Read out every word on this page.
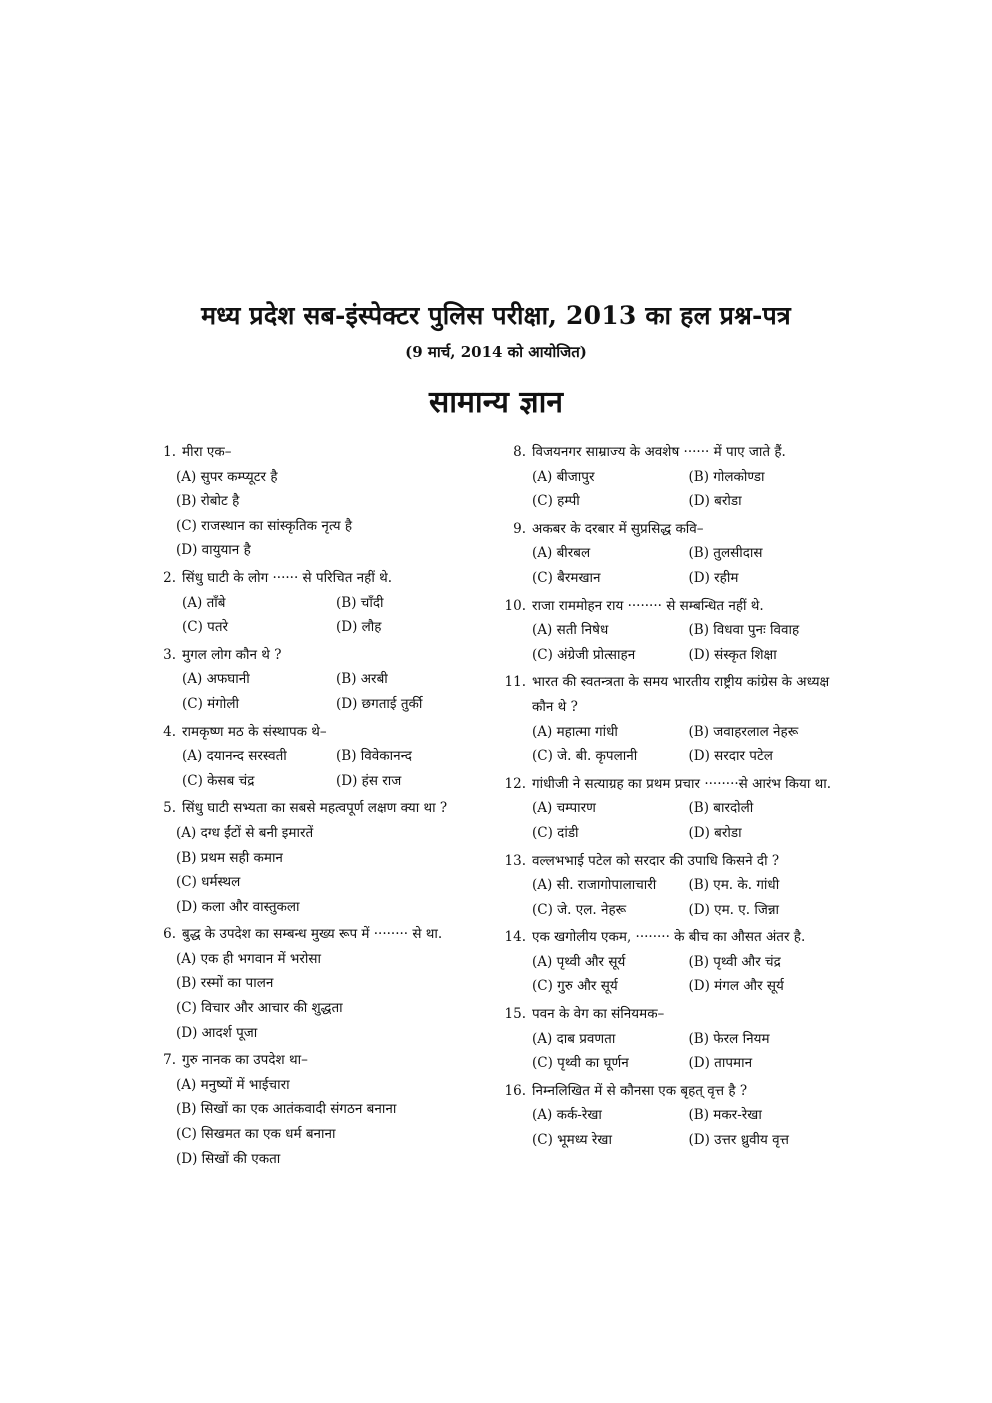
मध्य प्रदेश सब-इंस्पेक्टर पुलिस परीक्षा, 2013 का हल प्रश्न-पत्र
(9 मार्च, 2014 को आयोजित)
सामान्य ज्ञान
1. मीरा एक–
(A) सुपर कम्प्यूटर है
(B) रोबोट है
(C) राजस्थान का सांस्कृतिक नृत्य है
(D) वायुयान है
2. सिंधु घाटी के लोग ······ से परिचित नहीं थे.
(A) ताँबे	(B) चाँदी
(C) पतरे	(D) लौह
3. मुगल लोग कौन थे ?
(A) अफघानी	(B) अरबी
(C) मंगोली	(D) छगताई तुर्की
4. रामकृष्ण मठ के संस्थापक थे–
(A) दयानन्द सरस्वती	(B) विवेकानन्द
(C) केसब चंद्र	(D) हंस राज
5. सिंधु घाटी सभ्यता का सबसे महत्वपूर्ण लक्षण क्या था ?
(A) दग्ध ईंटों से बनी इमारतें
(B) प्रथम सही कमान
(C) धर्मस्थल
(D) कला और वास्तुकला
6. बुद्ध के उपदेश का सम्बन्ध मुख्य रूप में ········ से था.
(A) एक ही भगवान में भरोसा
(B) रस्मों का पालन
(C) विचार और आचार की शुद्धता
(D) आदर्श पूजा
7. गुरु नानक का उपदेश था–
(A) मनुष्यों में भाईचारा
(B) सिखों का एक आतंकवादी संगठन बनाना
(C) सिखमत का एक धर्म बनाना
(D) सिखों की एकता
8. विजयनगर साम्राज्य के अवशेष ······ में पाए जाते हैं.
(A) बीजापुर	(B) गोलकोण्डा
(C) हम्पी	(D) बरोडा
9. अकबर के दरबार में सुप्रसिद्ध कवि–
(A) बीरबल	(B) तुलसीदास
(C) बैरमखान	(D) रहीम
10. राजा राममोहन राय ········ से सम्बन्धित नहीं थे.
(A) सती निषेध	(B) विधवा पुनः विवाह
(C) अंग्रेजी प्रोत्साहन	(D) संस्कृत शिक्षा
11. भारत की स्वतन्त्रता के समय भारतीय राष्ट्रीय कांग्रेस के अध्यक्ष कौन थे ?
(A) महात्मा गांधी	(B) जवाहरलाल नेहरू
(C) जे. बी. कृपलानी	(D) सरदार पटेल
12. गांधीजी ने सत्याग्रह का प्रथम प्रचार ········से आरंभ किया था.
(A) चम्पारण	(B) बारदोली
(C) दांडी	(D) बरोडा
13. वल्लभभाई पटेल को सरदार की उपाधि किसने दी ?
(A) सी. राजागोपालाचारी	(B) एम. के. गांधी
(C) जे. एल. नेहरू	(D) एम. ए. जिन्ना
14. एक खगोलीय एकम, ········ के बीच का औसत अंतर है.
(A) पृथ्वी और सूर्य	(B) पृथ्वी और चंद्र
(C) गुरु और सूर्य	(D) मंगल और सूर्य
15. पवन के वेग का संनियमक–
(A) दाब प्रवणता	(B) फेरल नियम
(C) पृथ्वी का घूर्णन	(D) तापमान
16. निम्नलिखित में से कौनसा एक बृहत् वृत्त है ?
(A) कर्क-रेखा	(B) मकर-रेखा
(C) भूमध्य रेखा	(D) उत्तर ध्रुवीय वृत्त
